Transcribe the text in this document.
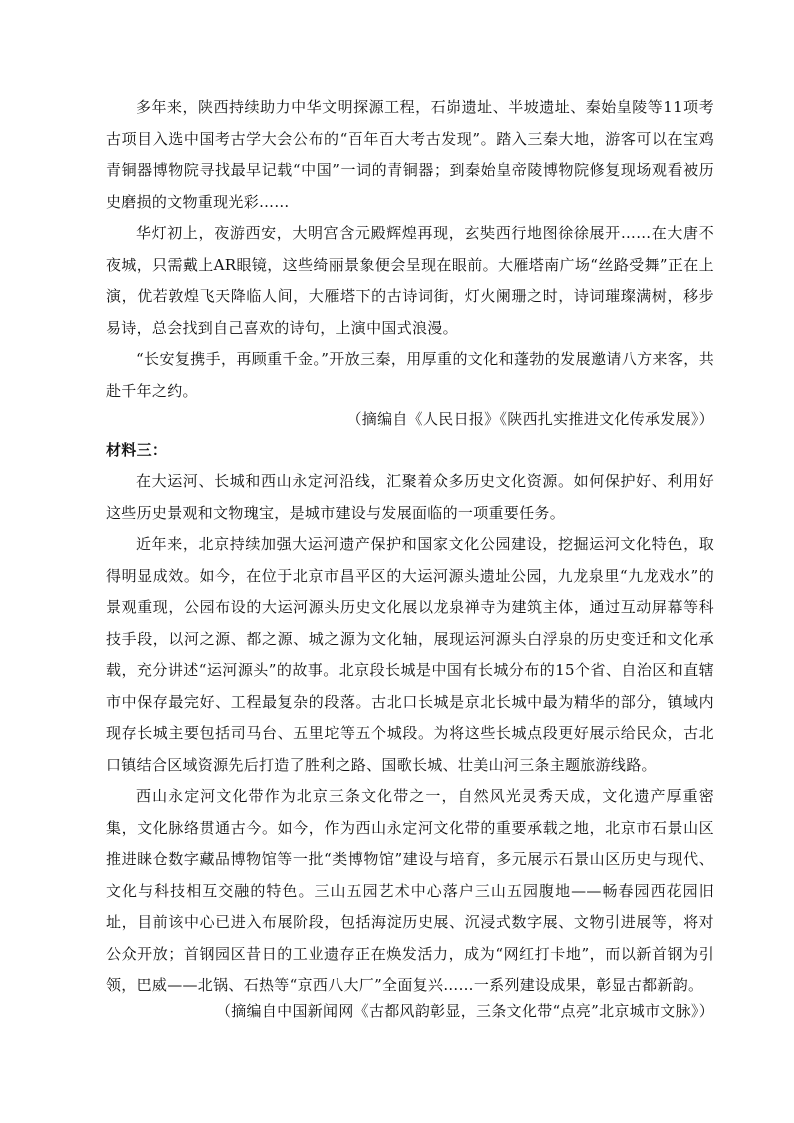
多年来，陕西持续助力中华文明探源工程，石峁遗址、半坡遗址、秦始皇陵等11项考古项目入选中国考古学大会公布的“百年百大考古发现”。踏入三秦大地，游客可以在宝鸡青铜器博物院寻找最早记载“中国”一词的青铜器；到秦始皇帝陵博物院修复现场观看被历史磨损的文物重现光彩……

华灯初上，夜游西安，大明宫含元殿辉煌再现，玄奘西行地图徐徐展开……在大唐不夜城，只需戴上AR眼镜，这些绮丽景象便会呈现在眼前。大雁塔南广场“丝路受舞”正在上演，优若敦煌飞天降临人间，大雁塔下的古诗词街，灯火阑珊之时，诗词璀璨满树，移步易诗，总会找到自己喜欢的诗句，上演中国式浪漫。

“长安复携手，再顾重千金。”开放三秦，用厚重的文化和蓬勃的发展邀请八方来客，共赴千年之约。

（摘编自《人民日报》《陕西扎实推进文化传承发展》）

材料三：

在大运河、长城和西山永定河沿线，汇聚着众多历史文化资源。如何保护好、利用好这些历史景观和文物瑰宝，是城市建设与发展面临的一项重要任务。

近年来，北京持续加强大运河遗产保护和国家文化公园建设，挖掘运河文化特色，取得明显成效。如今，在位于北京市昌平区的大运河源头遗址公园，九龙泉里“九龙戏水”的景观重现，公园布设的大运河源头历史文化展以龙泉禅寺为建筑主体，通过互动屏幕等科技手段，以河之源、都之源、城之源为文化轴，展现运河源头白浮泉的历史变迁和文化承载，充分讲述“运河源头”的故事。北京段长城是中国有长城分布的15个省、自治区和直辖市中保存最完好、工程最复杂的段落。古北口长城是京北长城中最为精华的部分，镇域内现存长城主要包括司马台、五里坨等五个城段。为将这些长城点段更好展示给民众，古北口镇结合区域资源先后打造了胜利之路、国歌长城、壮美山河三条主题旅游线路。

西山永定河文化带作为北京三条文化带之一，自然风光灵秀天成，文化遗产厚重密集，文化脉络贯通古今。如今，作为西山永定河文化带的重要承载之地，北京市石景山区推进睐仓数字藏品博物馆等一批“类博物馆”建设与培育，多元展示石景山区历史与现代、文化与科技相互交融的特色。三山五园艺术中心落户三山五园腹地——畅春园西花园旧址，目前该中心已进入布展阶段，包括海淀历史展、沉浸式数字展、文物引进展等，将对公众开放；首钢园区昔日的工业遗存正在焕发活力，成为“网红打卡地”，而以新首钢为引领，巴威——北锅、石热等“京西八大厂”全面复兴……一系列建设成果，彰显古都新韵。

（摘编自中国新闻网《古都风韵彰显，三条文化带“点亮”北京城市文脉》）
